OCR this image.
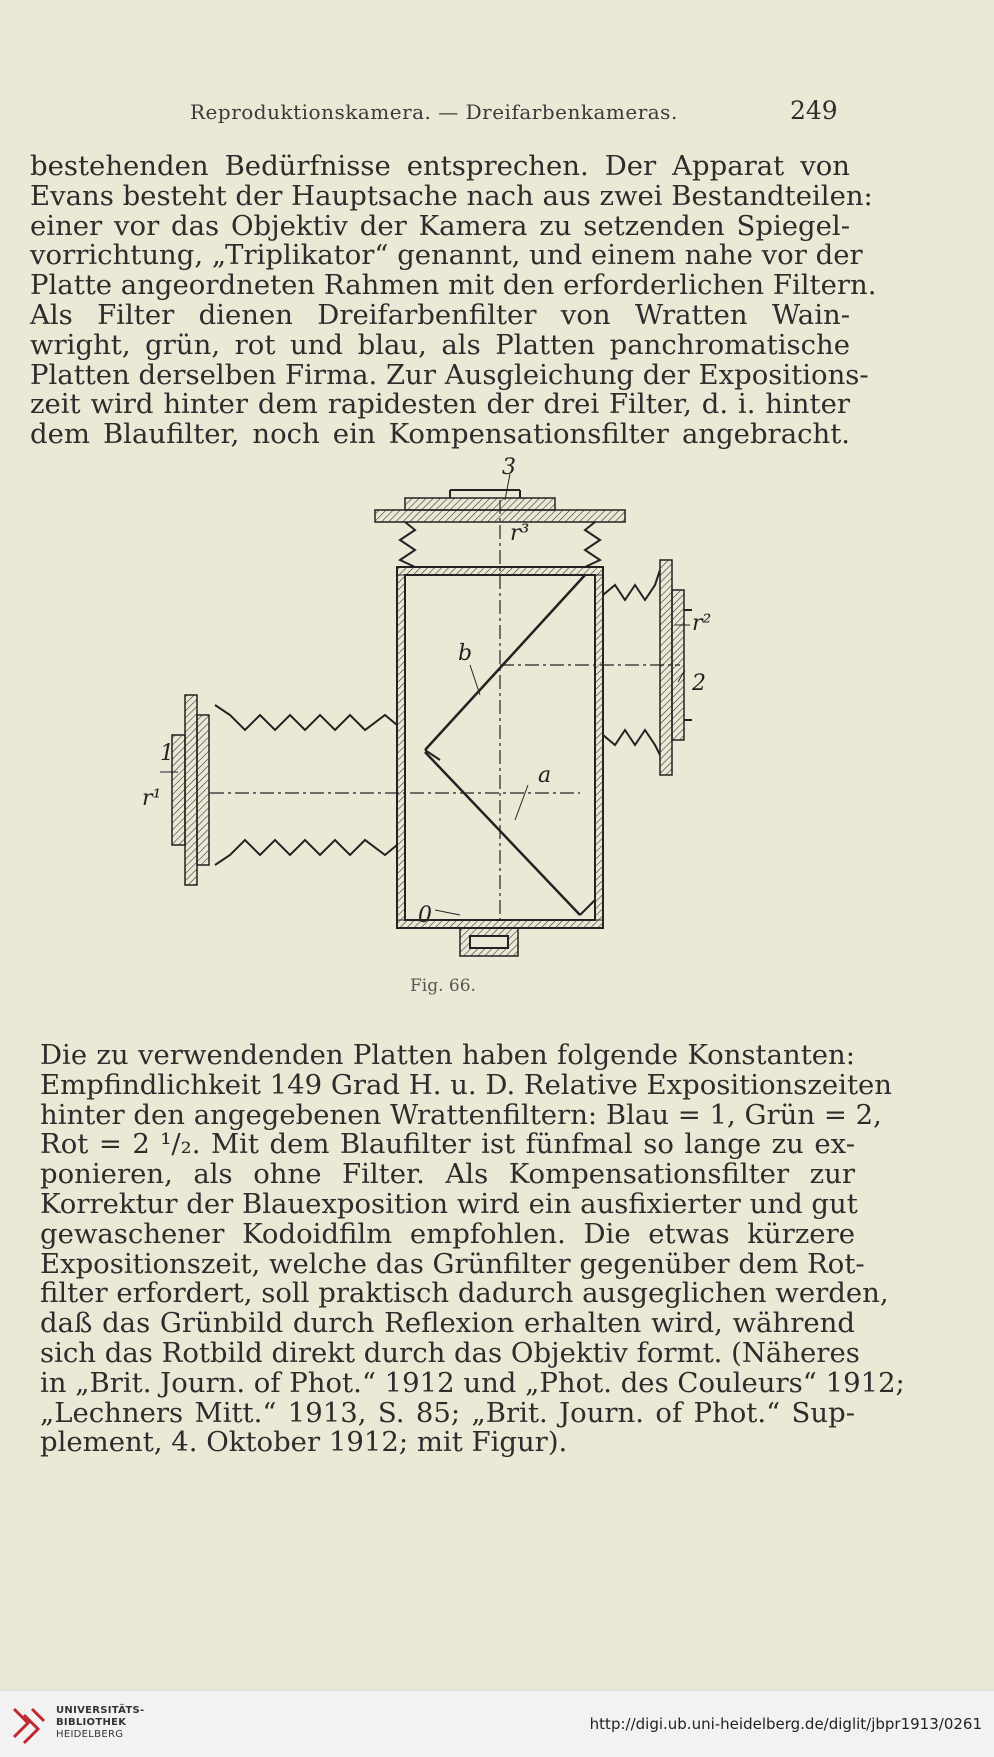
Reproduktionskamera. — Dreifarbenkameras.	249

bestehenden Bedürfnisse entsprechen. Der Apparat von
Evans besteht der Hauptsache nach aus zwei Bestandteilen:
einer vor das Objektiv der Kamera zu setzenden Spiegel-
vorrichtung, „Triplikator“ genannt, und einem nahe vor der
Platte angeordneten Rahmen mit den erforderlichen Filtern.
Als Filter dienen Dreifarbenfilter von Wratten Wain-
wright, grün, rot und blau, als Platten panchromatische
Platten derselben Firma. Zur Ausgleichung der Expositions-
zeit wird hinter dem rapidesten der drei Filter, d. i. hinter
dem Blaufilter, noch ein Kompensationsfilter angebracht.

3
r³
r²
2
b
a
1
r¹
0
Fig. 66.

Die zu verwendenden Platten haben folgende Konstanten:
Empfindlichkeit 149 Grad H. u. D. Relative Expositionszeiten
hinter den angegebenen Wrattenfiltern: Blau = 1, Grün = 2,
Rot = 2 ¹/₂. Mit dem Blaufilter ist fünfmal so lange zu ex-
ponieren, als ohne Filter. Als Kompensationsfilter zur
Korrektur der Blauexposition wird ein ausfixierter und gut
gewaschener Kodoidfilm empfohlen. Die etwas kürzere
Expositionszeit, welche das Grünfilter gegenüber dem Rot-
filter erfordert, soll praktisch dadurch ausgeglichen werden,
daß das Grünbild durch Reflexion erhalten wird, während
sich das Rotbild direkt durch das Objektiv formt. (Näheres
in „Brit. Journ. of Phot.“ 1912 und „Phot. des Couleurs“ 1912;
„Lechners Mitt.“ 1913, S. 85; „Brit. Journ. of Phot.“ Sup-
plement, 4. Oktober 1912; mit Figur).

UNIVERSITÄTS-
BIBLIOTHEK
HEIDELBERG
http://digi.ub.uni-heidelberg.de/diglit/jbpr1913/0261
